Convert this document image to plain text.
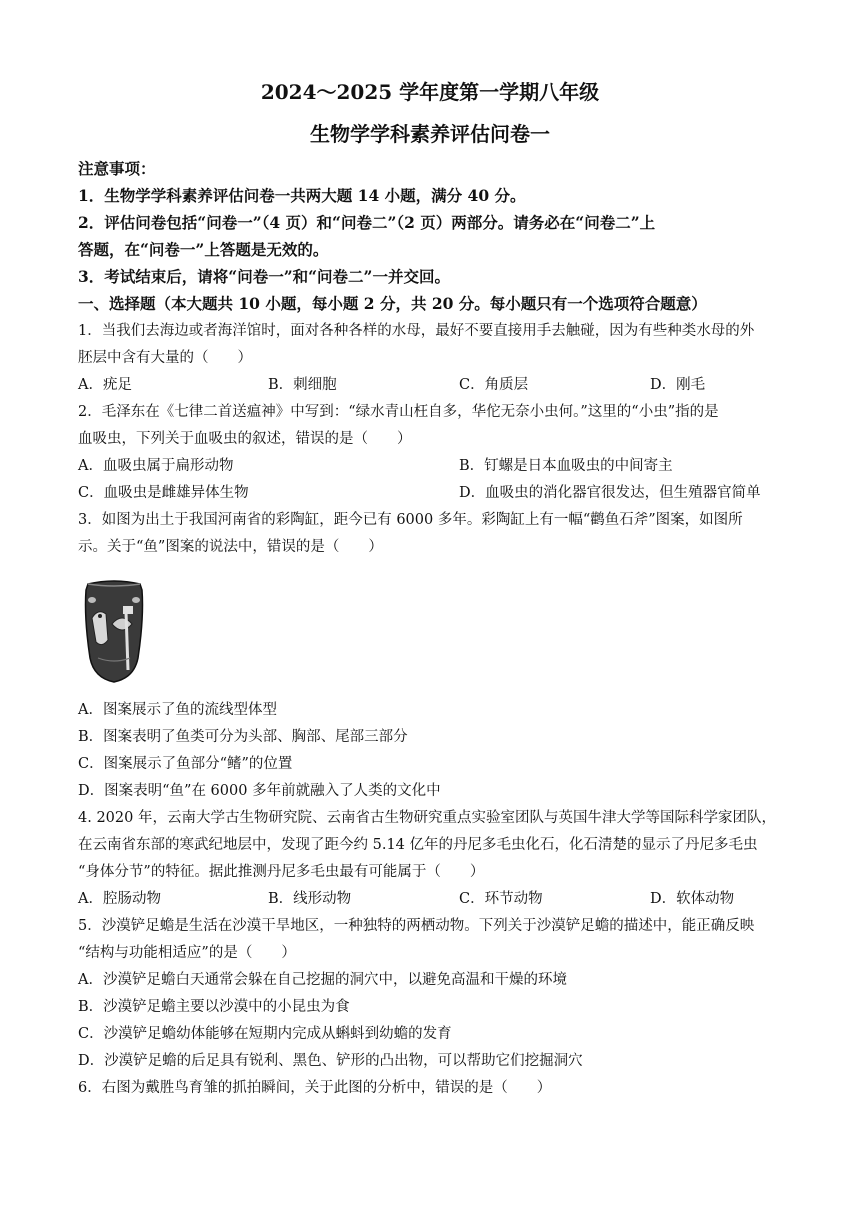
2024～2025 学年度第一学期八年级
生物学学科素养评估问卷一
注意事项：
1．生物学学科素养评估问卷一共两大题 14 小题，满分 40 分。
2．评估问卷包括“问卷一”（4 页）和“问卷二”（2 页）两部分。请务必在“问卷二”上
答题，在“问卷一”上答题是无效的。
3．考试结束后，请将“问卷一”和“问卷二”一并交回。
一、选择题（本大题共 10 小题，每小题 2 分，共 20 分。每小题只有一个选项符合题意）
1．当我们去海边或者海洋馆时，面对各种各样的水母，最好不要直接用手去触碰，因为有些种类水母的外
胚层中含有大量的（　　）
A．疣足	B．刺细胞	C．角质层	D．刚毛
2．毛泽东在《七律二首送瘟神》中写到：“绿水青山枉自多，华佗无奈小虫何。”这里的“小虫”指的是
血吸虫，下列关于血吸虫的叙述，错误的是（　　）
A．血吸虫属于扁形动物	B．钉螺是日本血吸虫的中间寄主
C．血吸虫是雌雄异体生物	D．血吸虫的消化器官很发达，但生殖器官简单
3．如图为出土于我国河南省的彩陶缸，距今已有 6000 多年。彩陶缸上有一幅“鹳鱼石斧”图案，如图所
示。关于“鱼”图案的说法中，错误的是（　　）
A．图案展示了鱼的流线型体型
B．图案表明了鱼类可分为头部、胸部、尾部三部分
C．图案展示了鱼部分“鳍”的位置
D．图案表明“鱼”在 6000 多年前就融入了人类的文化中
4. 2020 年，云南大学古生物研究院、云南省古生物研究重点实验室团队与英国牛津大学等国际科学家团队，
在云南省东部的寒武纪地层中，发现了距今约 5.14 亿年的丹尼多毛虫化石，化石清楚的显示了丹尼多毛虫
“身体分节”的特征。据此推测丹尼多毛虫最有可能属于（　　）
A．腔肠动物	B．线形动物	C．环节动物	D．软体动物
5．沙漠铲足蟾是生活在沙漠干旱地区，一种独特的两栖动物。下列关于沙漠铲足蟾的描述中，能正确反映
“结构与功能相适应”的是（　　）
A．沙漠铲足蟾白天通常会躲在自己挖掘的洞穴中，以避免高温和干燥的环境
B．沙漠铲足蟾主要以沙漠中的小昆虫为食
C．沙漠铲足蟾幼体能够在短期内完成从蝌蚪到幼蟾的发育
D．沙漠铲足蟾的后足具有锐利、黑色、铲形的凸出物，可以帮助它们挖掘洞穴
6．右图为戴胜鸟育雏的抓拍瞬间，关于此图的分析中，错误的是（　　）
